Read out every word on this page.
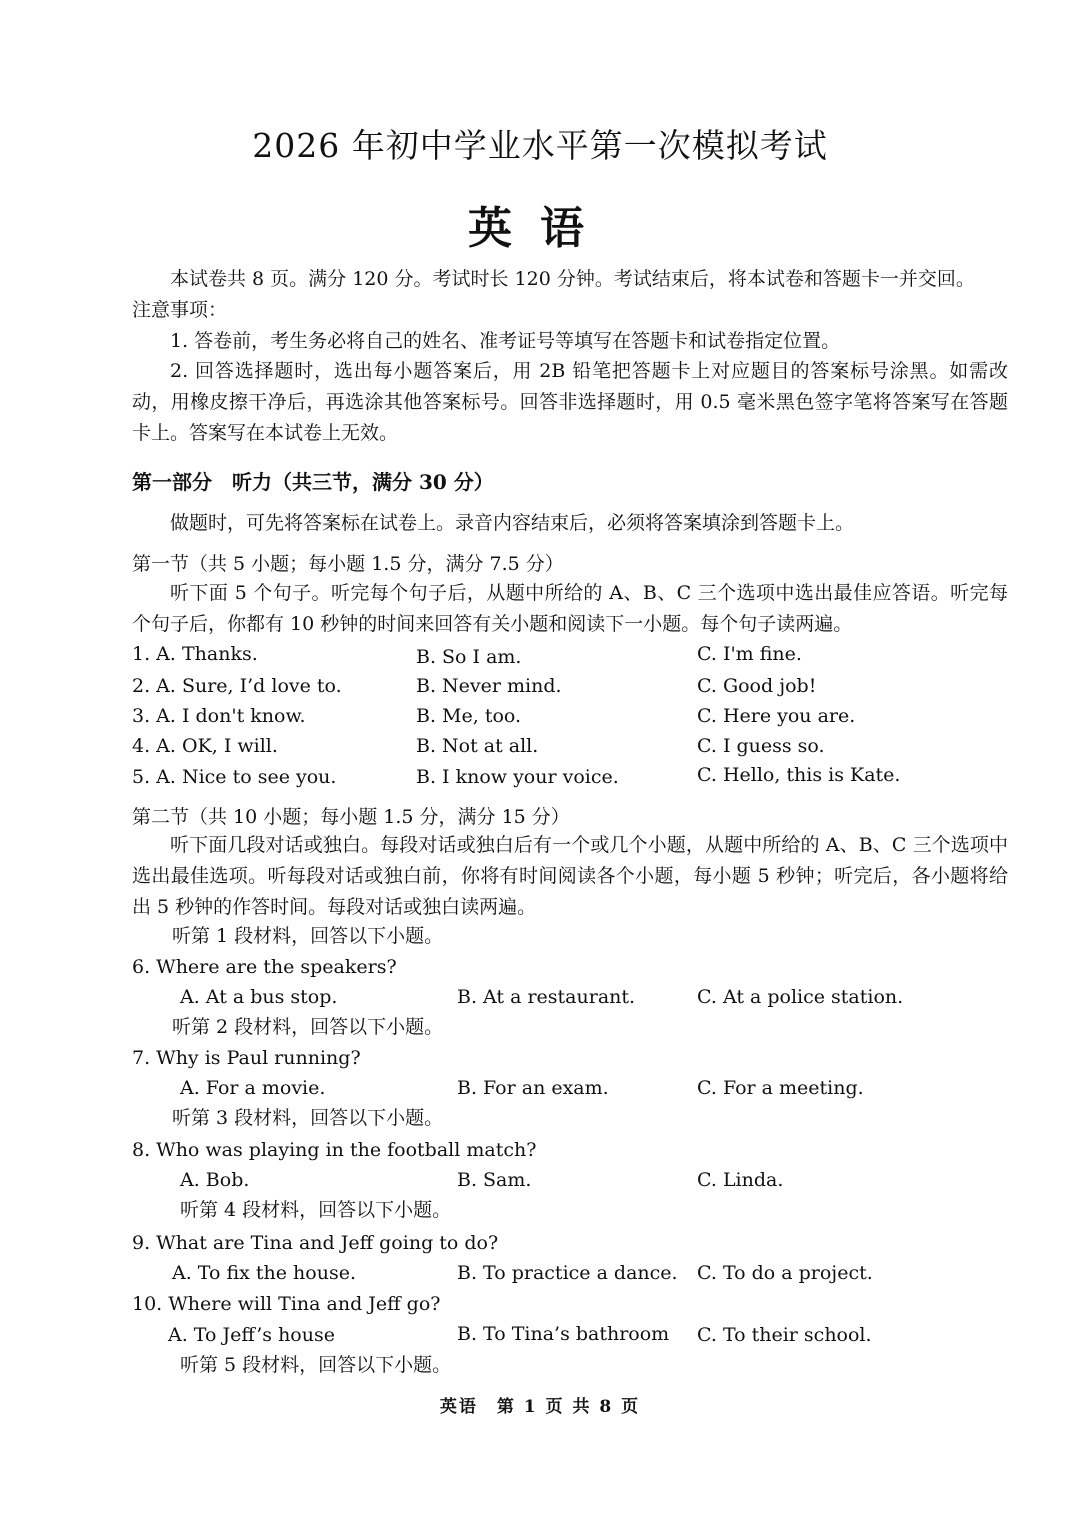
2026 年初中学业水平第一次模拟考试
英语
本试卷共 8 页。满分 120 分。考试时长 120 分钟。考试结束后，将本试卷和答题卡一并交回。
注意事项：
1. 答卷前，考生务必将自己的姓名、准考证号等填写在答题卡和试卷指定位置。
2. 回答选择题时，选出每小题答案后，用 2B 铅笔把答题卡上对应题目的答案标号涂黑。如需改动，用橡皮擦干净后，再选涂其他答案标号。回答非选择题时，用 0.5 毫米黑色签字笔将答案写在答题卡上。答案写在本试卷上无效。
第一部分　听力（共三节，满分 30 分）
做题时，可先将答案标在试卷上。录音内容结束后，必须将答案填涂到答题卡上。
第一节（共 5 小题；每小题 1.5 分，满分 7.5 分）
听下面 5 个句子。听完每个句子后，从题中所给的 A、B、C 三个选项中选出最佳应答语。听完每个句子后，你都有 10 秒钟的时间来回答有关小题和阅读下一小题。每个句子读两遍。
1. A. Thanks.	B. So I am.	C. I'm fine.
2. A. Sure, I’d love to.	B. Never mind.	C. Good job!
3. A. I don't know.	B. Me, too.	C. Here you are.
4. A. OK, I will.	B. Not at all.	C. I guess so.
5. A. Nice to see you.	B. I know your voice.	C. Hello, this is Kate.
第二节（共 10 小题；每小题 1.5 分，满分 15 分）
听下面几段对话或独白。每段对话或独白后有一个或几个小题，从题中所给的 A、B、C 三个选项中选出最佳选项。听每段对话或独白前，你将有时间阅读各个小题，每小题 5 秒钟；听完后，各小题将给出 5 秒钟的作答时间。每段对话或独白读两遍。
听第 1 段材料，回答以下小题。
6. Where are the speakers?
A. At a bus stop.	B. At a restaurant.	C. At a police station.
听第 2 段材料，回答以下小题。
7. Why is Paul running?
A. For a movie.	B. For an exam.	C. For a meeting.
听第 3 段材料，回答以下小题。
8. Who was playing in the football match?
A. Bob.	B. Sam.	C. Linda.
听第 4 段材料，回答以下小题。
9. What are Tina and Jeff going to do?
A. To fix the house.	B. To practice a dance. C. To do a project.
10. Where will Tina and Jeff go?
A. To Jeff’s house	B. To Tina’s bathroom C. To their school.
听第 5 段材料，回答以下小题。
英语　第 1 页 共 8 页
